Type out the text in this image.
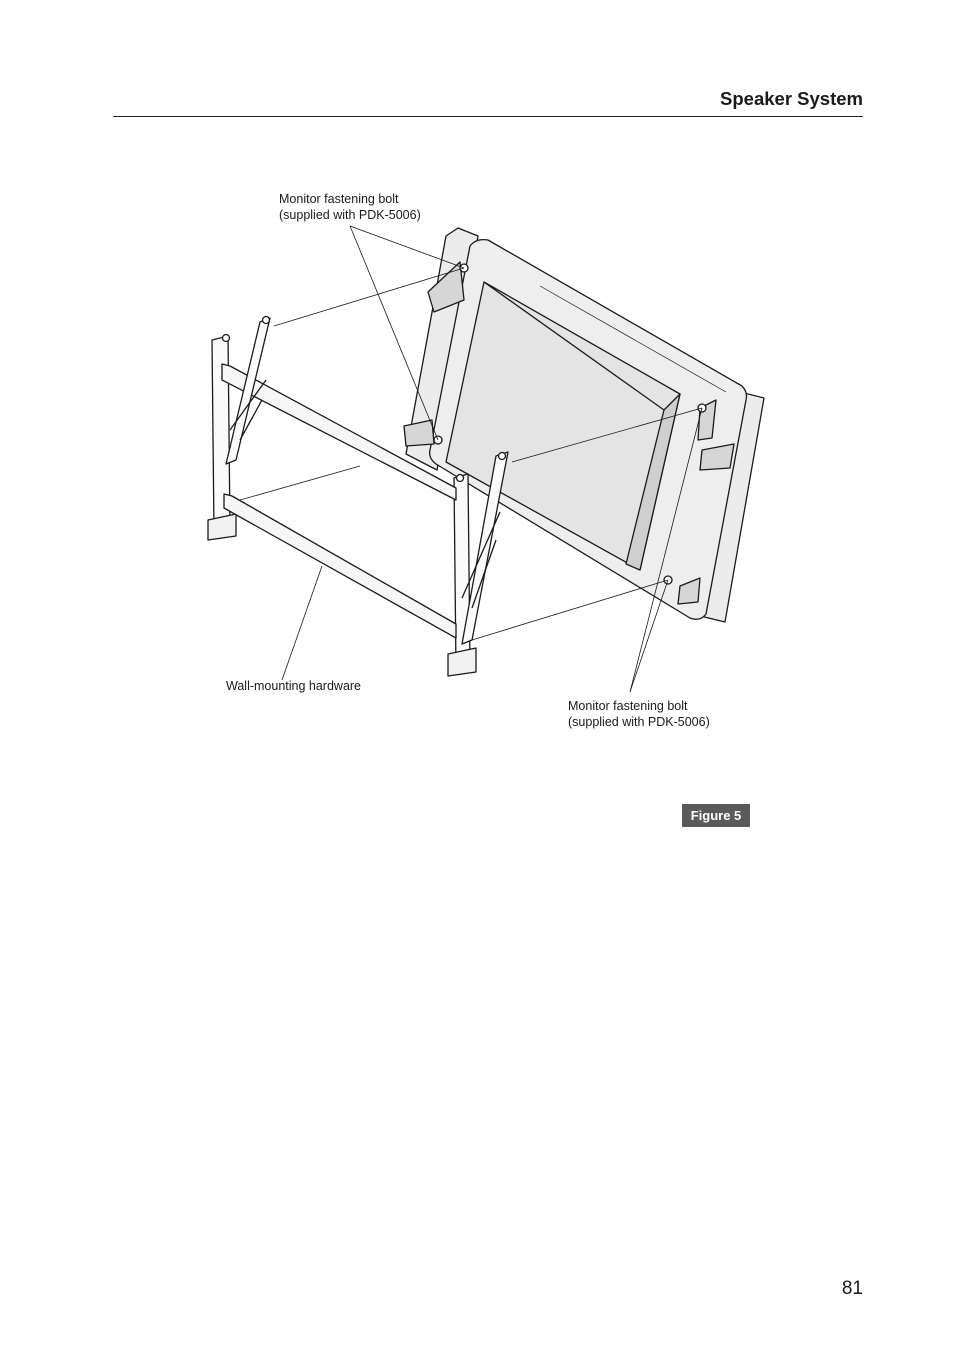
Speaker System
Monitor fastening bolt
(supplied with PDK-5006)
Wall-mounting hardware
Monitor fastening bolt
(supplied with PDK-5006)
Figure 5
81
